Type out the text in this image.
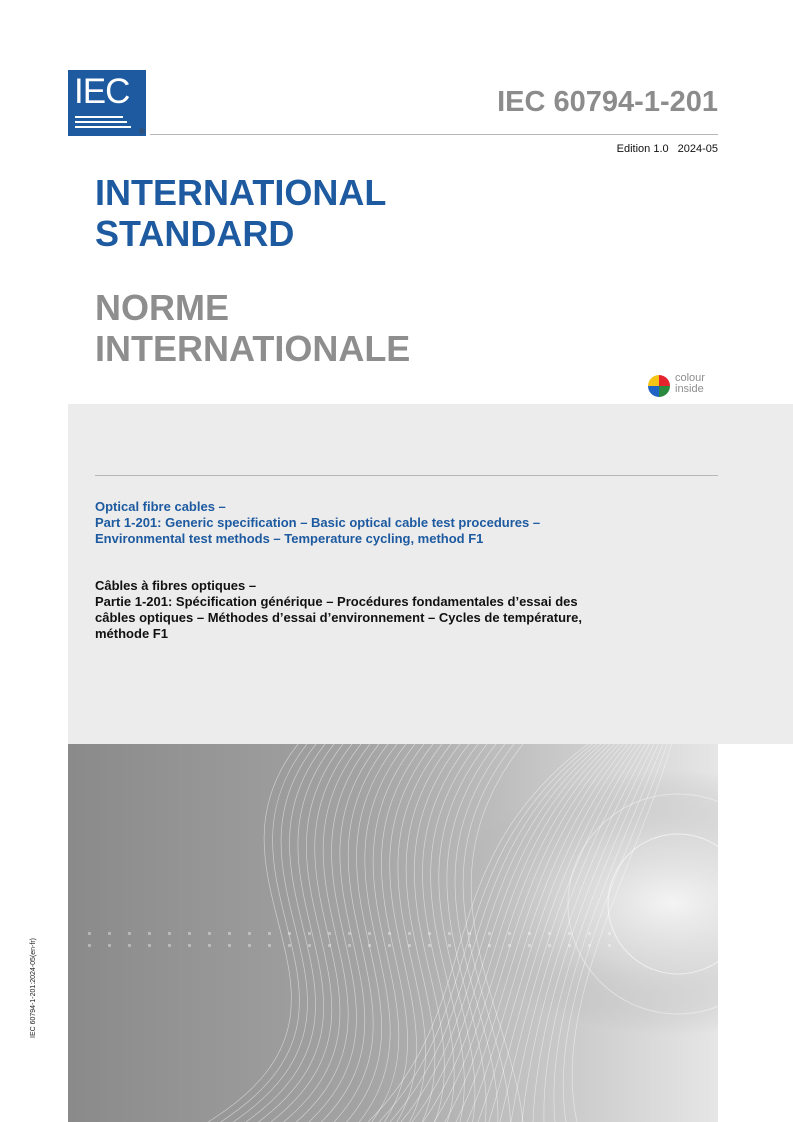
IEC
®
IEC 60794-1-201
Edition 1.0 2024-05
INTERNATIONAL
STANDARD
NORME
INTERNATIONALE
colour
inside
Optical fibre cables –
Part 1-201: Generic specification – Basic optical cable test procedures –
Environmental test methods – Temperature cycling, method F1
Câbles à fibres optiques –
Partie 1-201: Spécification générique – Procédures fondamentales d’essai des
câbles optiques – Méthodes d’essai d’environnement – Cycles de température,
méthode F1
IEC 60794-1-201:2024-05(en-fr)
